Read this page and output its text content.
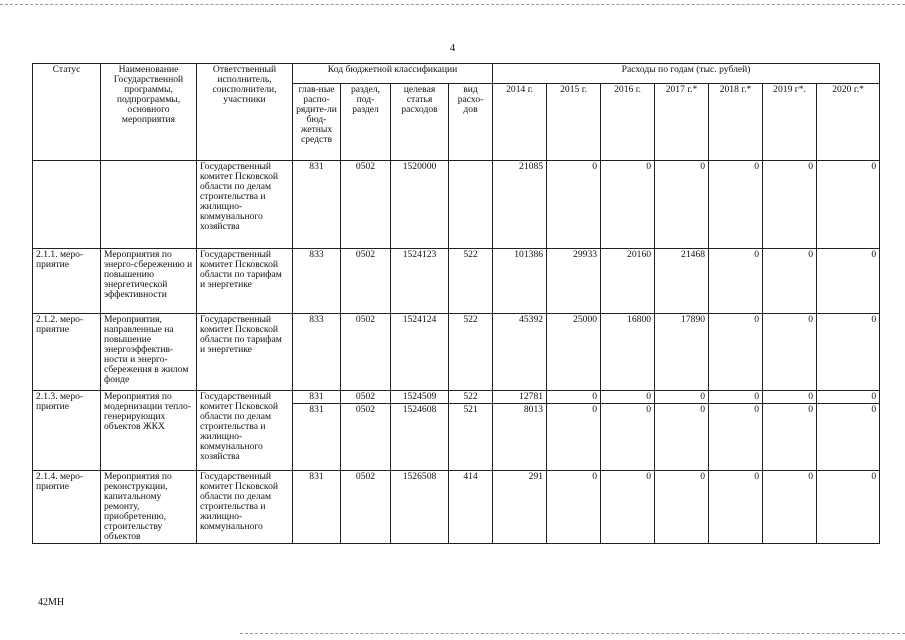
4
Статус	Наименование Государственной программы, подпрограммы, основного мероприятия	Ответственный исполнитель, соисполнители, участники	Код бюджетной классификации				Расходы по годам (тыс. рублей)						
			глав-ные распо-рядите-ли бюд-жетных средств	раздел, под-раздел	целевая статья расходов	вид расхо-дов	2014 г.	2015 г.	2016 г.	2017 г.*	2018 г.*	2019 г*.	2020 г.*
		Государственный комитет Псковской области по делам строительства и жилищно-коммунального хозяйства	831	0502	1520000		21085	0	0	0	0	0	0
2.1.1. меро-приятие	Мероприятия по энерго-сбережению и повышению энергетической эффективности	Государственный комитет Псковской области по тарифам и энергетике	833	0502	1524123	522	101386	29933	20160	21468	0	0	0
2.1.2. меро-приятие	Мероприятия, направленные на повышение энергоэффектив-ности и энерго-сбережения в жилом фонде	Государственный комитет Псковской области по тарифам и энергетике	833	0502	1524124	522	45392	25000	16800	17890	0	0	0
2.1.3. меро-приятие	Мероприятия по модернизации тепло-генерирующих объектов ЖКХ	Государственный комитет Псковской области по делам строительства и жилищно-коммунального хозяйства	831	0502	1524509	522	12781	0	0	0	0	0	0
			831	0502	1524608	521	8013	0	0	0	0	0	0
2.1.4. меро-приятие	Мероприятия по реконструкции, капитальному ремонту, приобретению, строительству объектов	Государственный комитет Псковской области по делам строительства и жилищно-коммунального	831	0502	1526508	414	291	0	0	0	0	0	0
42МН
